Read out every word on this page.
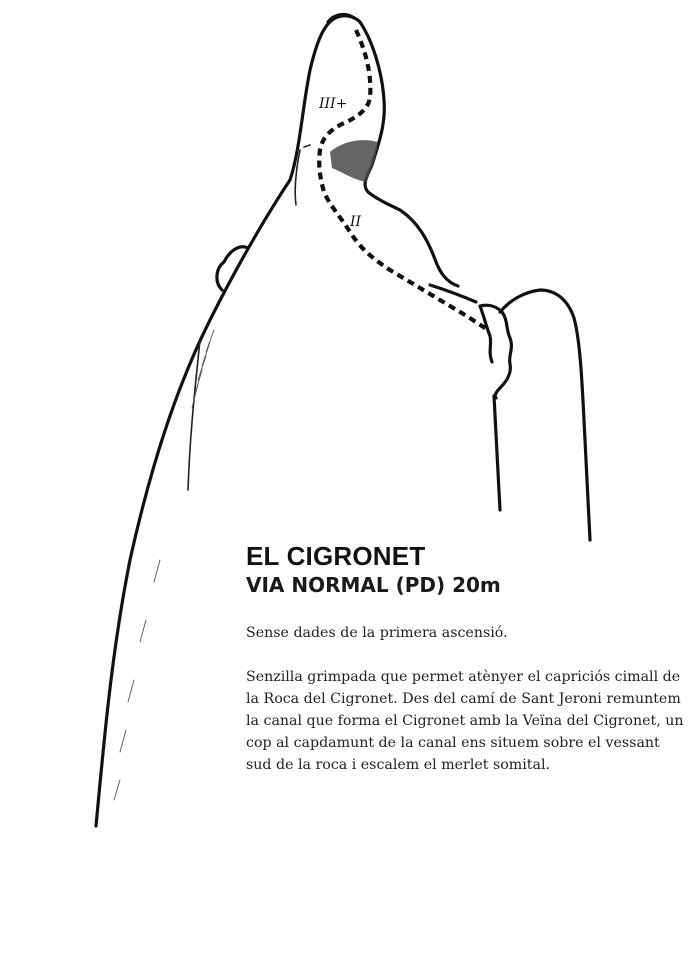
III+
II
EL CIGRONET
VIA NORMAL (PD) 20m

Sense dades de la primera ascensió.

Senzilla grimpada que permet atènyer el capriciós cimall de la Roca del Cigronet. Des del camí de Sant Jeroni remuntem la canal que forma el Cigronet amb la Veïna del Cigronet, un cop al capdamunt de la canal ens situem sobre el vessant sud de la roca i escalem el merlet somital.
